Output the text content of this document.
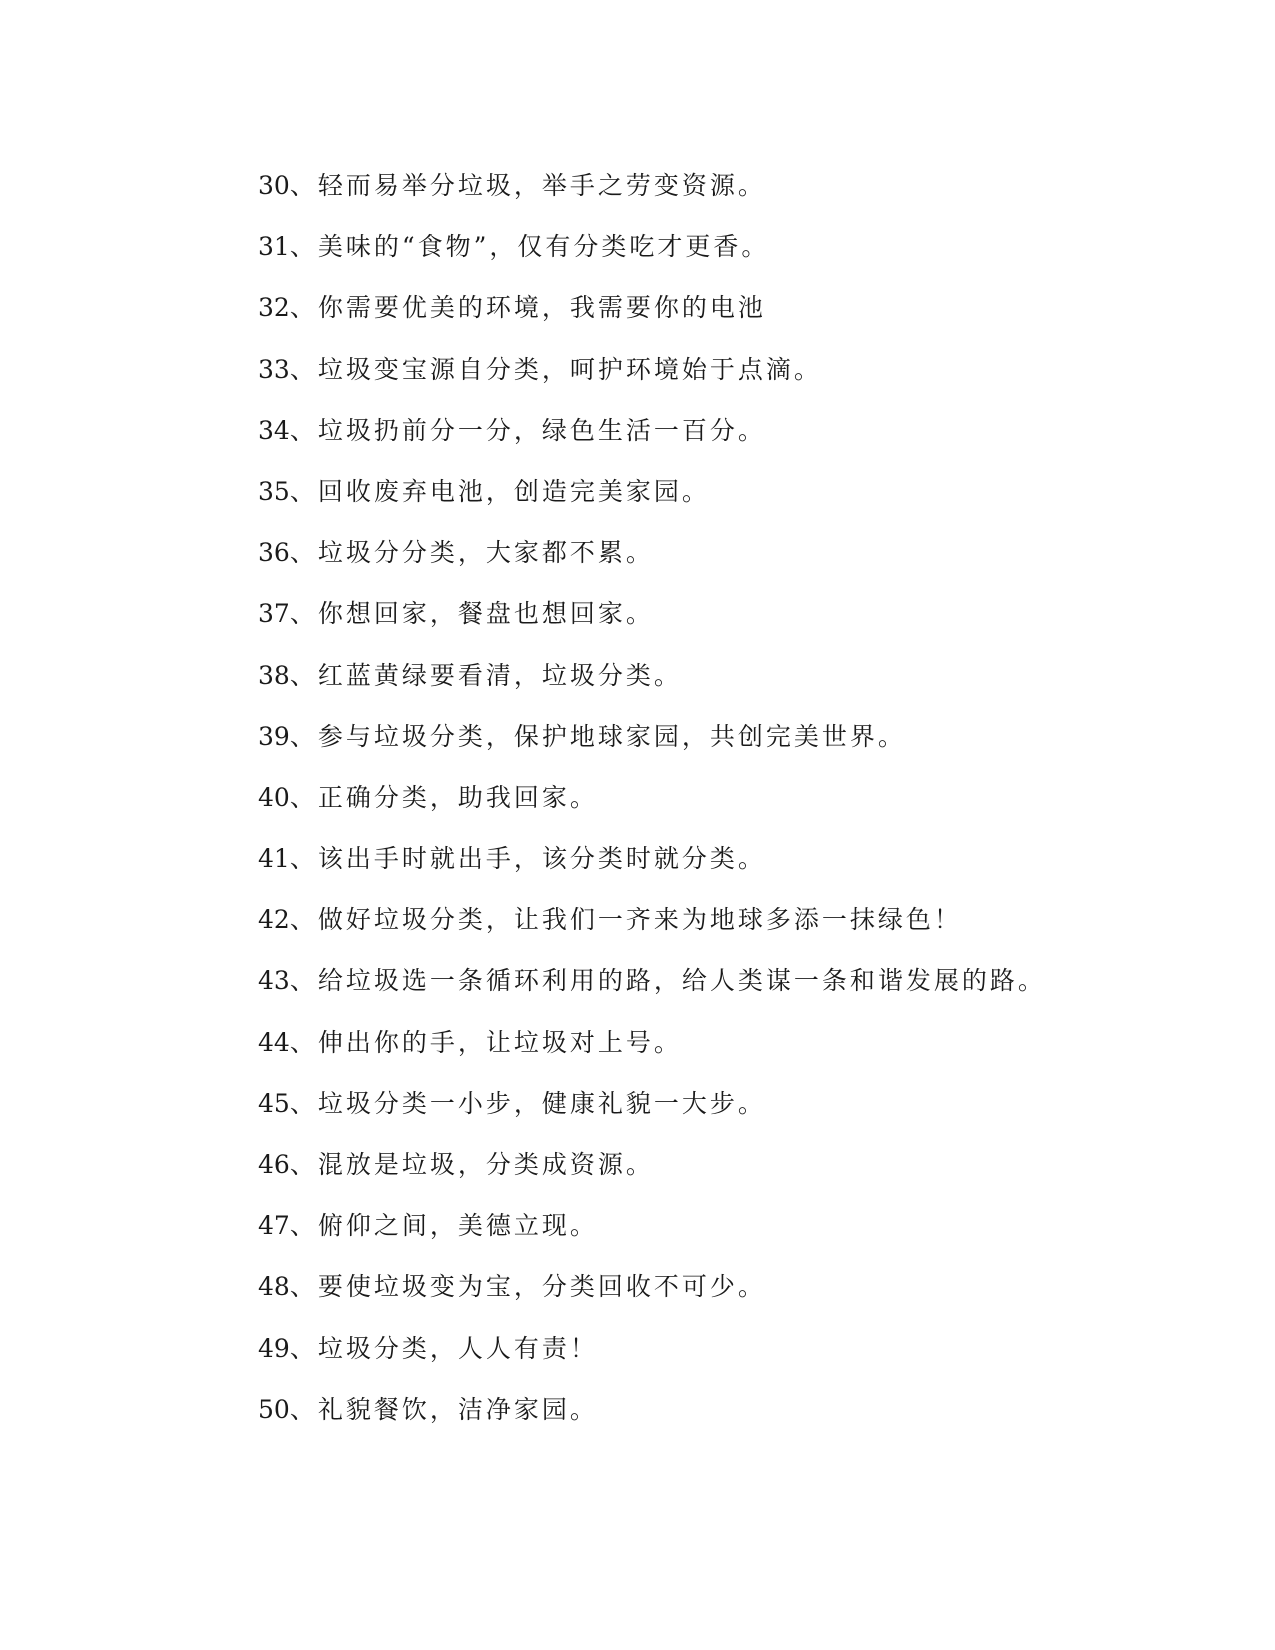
30、轻而易举分垃圾，举手之劳变资源。
31、美味的“食物”，仅有分类吃才更香。
32、你需要优美的环境，我需要你的电池
33、垃圾变宝源自分类，呵护环境始于点滴。
34、垃圾扔前分一分，绿色生活一百分。
35、回收废弃电池，创造完美家园。
36、垃圾分分类，大家都不累。
37、你想回家，餐盘也想回家。
38、红蓝黄绿要看清，垃圾分类。
39、参与垃圾分类，保护地球家园，共创完美世界。
40、正确分类，助我回家。
41、该出手时就出手，该分类时就分类。
42、做好垃圾分类，让我们一齐来为地球多添一抹绿色！
43、给垃圾选一条循环利用的路，给人类谋一条和谐发展的路。
44、伸出你的手，让垃圾对上号。
45、垃圾分类一小步，健康礼貌一大步。
46、混放是垃圾，分类成资源。
47、俯仰之间，美德立现。
48、要使垃圾变为宝，分类回收不可少。
49、垃圾分类，人人有责！
50、礼貌餐饮，洁净家园。
